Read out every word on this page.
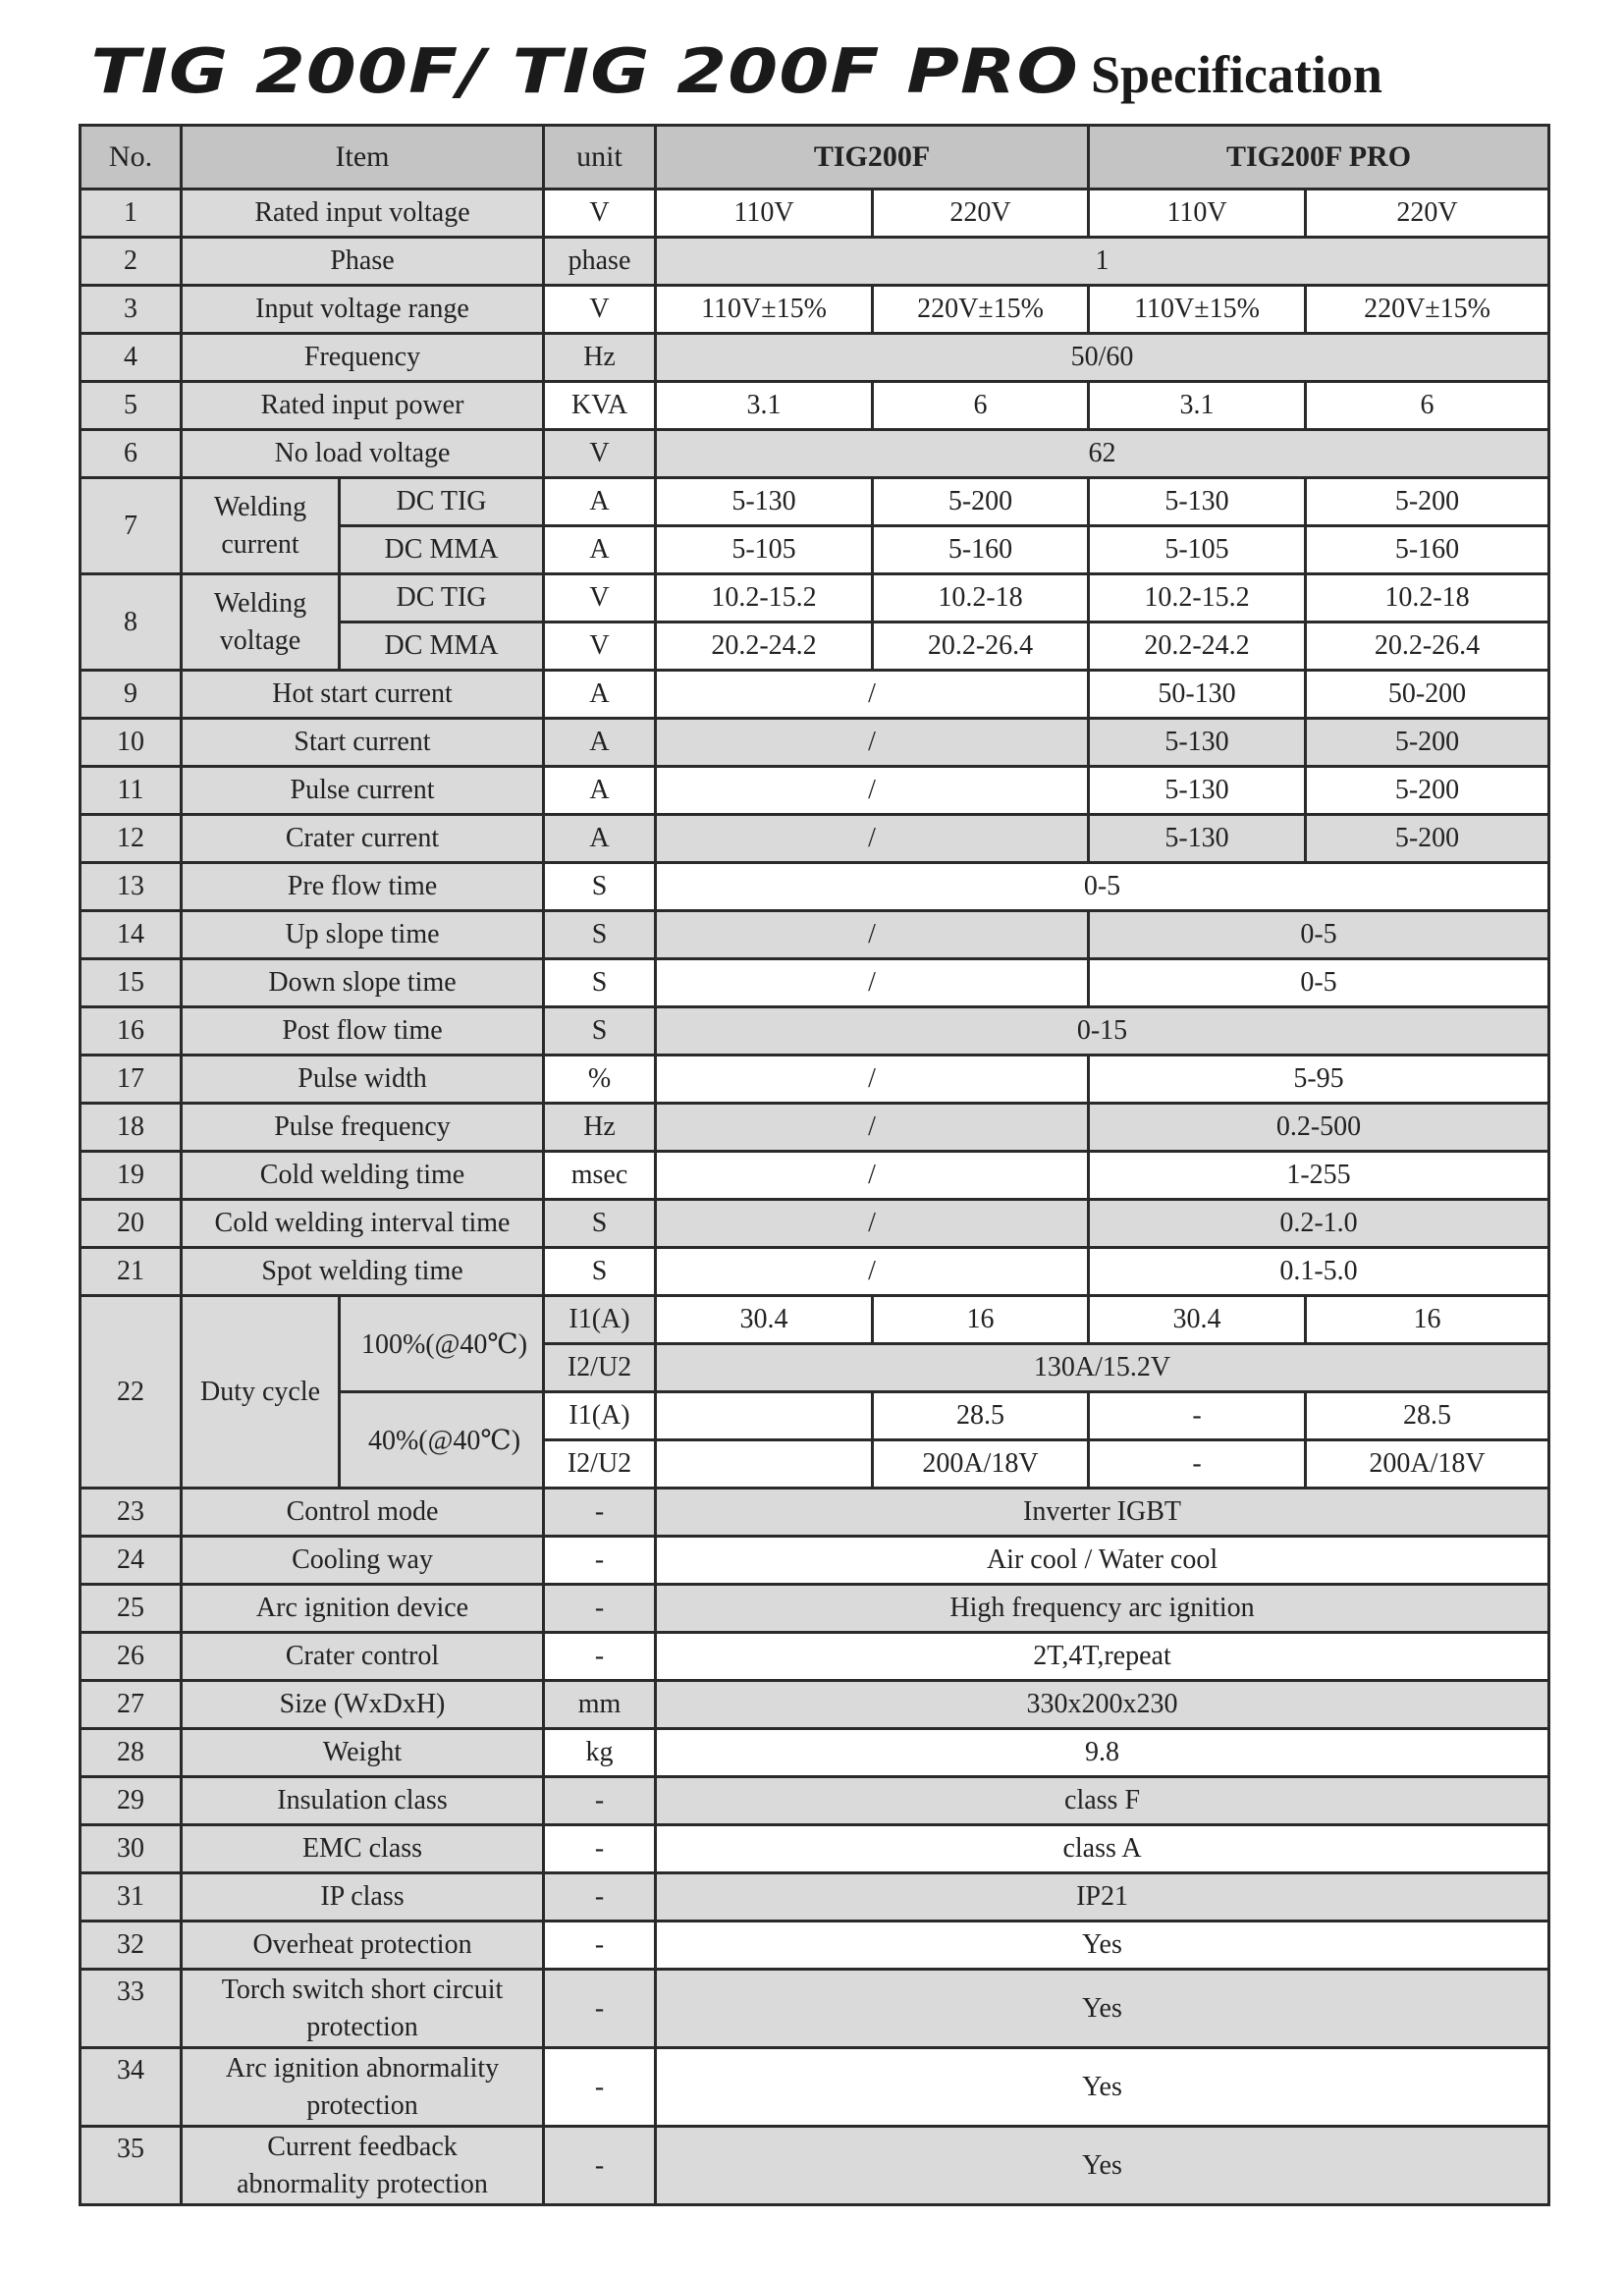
TIG 200F/ TIG 200F PRO Specification
No.	Item		unit	TIG200F		TIG200F PRO	
1	Rated input voltage		V	110V	220V	110V	220V
2	Phase		phase	1			
3	Input voltage range		V	110V±15%	220V±15%	110V±15%	220V±15%
4	Frequency		Hz	50/60			
5	Rated input power		KVA	3.1	6	3.1	6
6	No load voltage		V	62			
7	Welding current	DC TIG	A	5-130	5-200	5-130	5-200
		DC MMA	A	5-105	5-160	5-105	5-160
8	Welding voltage	DC TIG	V	10.2-15.2	10.2-18	10.2-15.2	10.2-18
		DC MMA	V	20.2-24.2	20.2-26.4	20.2-24.2	20.2-26.4
9	Hot start current		A	/		50-130	50-200
10	Start current		A	/		5-130	5-200
11	Pulse current		A	/		5-130	5-200
12	Crater current		A	/		5-130	5-200
13	Pre flow time		S	0-5			
14	Up slope time		S	/		0-5	
15	Down slope time		S	/		0-5	
16	Post flow time		S	0-15			
17	Pulse width		%	/		5-95	
18	Pulse frequency		Hz	/		0.2-500	
19	Cold welding time		msec	/		1-255	
20	Cold welding interval time		S	/		0.2-1.0	
21	Spot welding time		S	/		0.1-5.0	
22	Duty cycle	100%(@40℃)	I1(A)	30.4	16	30.4	16
			I2/U2	130A/15.2V			
		40%(@40℃)	I1(A)		28.5	-	28.5
			I2/U2		200A/18V	-	200A/18V
23	Control mode		-	Inverter IGBT			
24	Cooling way		-	Air cool / Water cool			
25	Arc ignition device		-	High frequency arc ignition			
26	Crater control		-	2T,4T,repeat			
27	Size (WxDxH)		mm	330x200x230			
28	Weight		kg	9.8			
29	Insulation class		-	class F			
30	EMC class		-	class A			
31	IP class		-	IP21			
32	Overheat protection		-	Yes			
33	Torch switch short circuit protection		-	Yes			
34	Arc ignition abnormality protection		-	Yes			
35	Current feedback abnormality protection		-	Yes			
